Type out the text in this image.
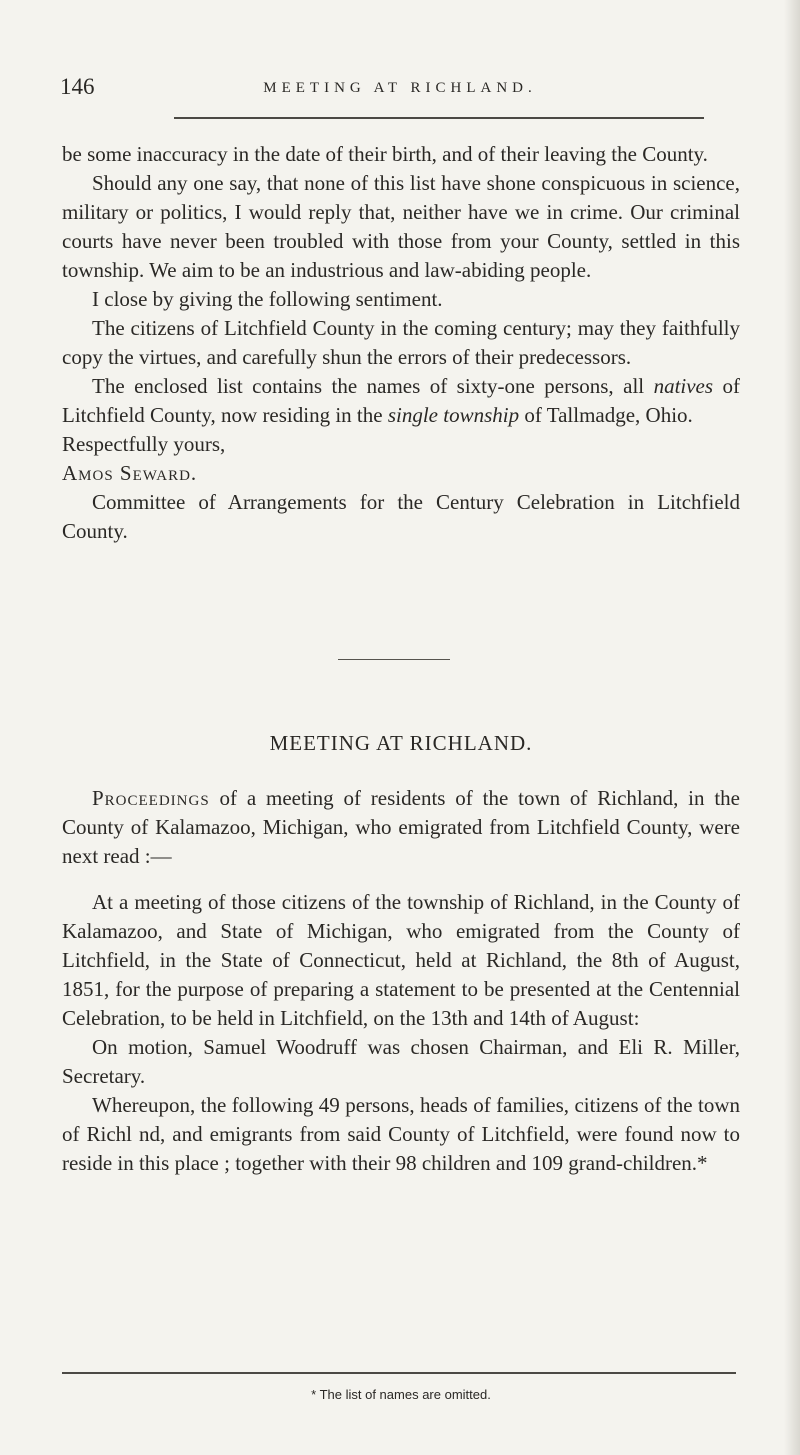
146	MEETING AT RICHLAND.

be some inaccuracy in the date of their birth, and of their leaving the County.

Should any one say, that none of this list have shone conspicuous in science, military or politics, I would reply that, neither have we in crime. Our criminal courts have never been troubled with those from your County, settled in this township. We aim to be an industrious and law-abiding people.

I close by giving the following sentiment.

The citizens of Litchfield County in the coming century; may they faithfully copy the virtues, and carefully shun the errors of their predecessors.

The enclosed list contains the names of sixty-one persons, all natives of Litchfield County, now residing in the single township of Tallmadge, Ohio.

Respectfully yours,

Amos Seward.

Committee of Arrangements for the Century Celebration in Litchfield County.

MEETING AT RICHLAND.

Proceedings of a meeting of residents of the town of Richland, in the County of Kalamazoo, Michigan, who emigrated from Litchfield County, were next read :—

At a meeting of those citizens of the township of Richland, in the County of Kalamazoo, and State of Michigan, who emigrated from the County of Litchfield, in the State of Connecticut, held at Richland, the 8th of August, 1851, for the purpose of preparing a statement to be presented at the Centennial Celebration, to be held in Litchfield, on the 13th and 14th of August:

On motion, Samuel Woodruff was chosen Chairman, and Eli R. Miller, Secretary.

Whereupon, the following 49 persons, heads of families, citizens of the town of Richl nd, and emigrants from said County of Litchfield, were found now to reside in this place ; together with their 98 children and 109 grand-children.*

* The list of names are omitted.
